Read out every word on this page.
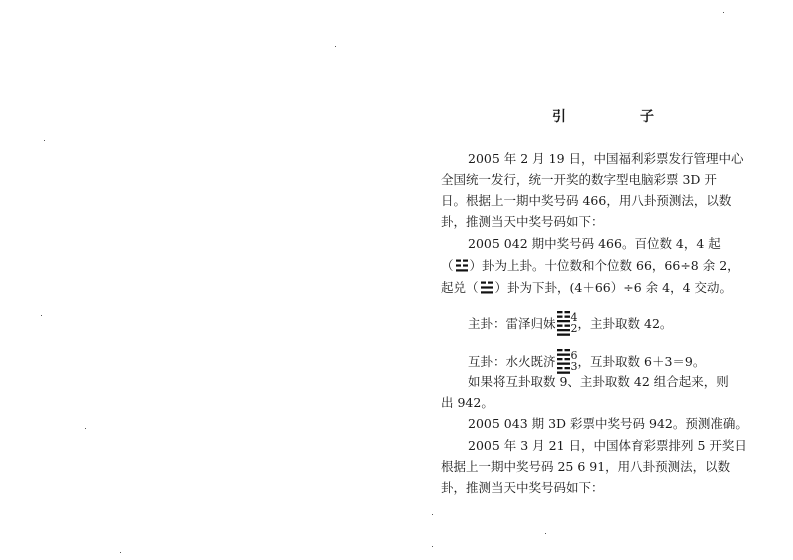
引　子
2005 年 2 月 19 日，中国福利彩票发行管理中心
全国统一发行，统一开奖的数字型电脑彩票 3D 开
日。根据上一期中奖号码 466，用八卦预测法，以数
卦，推测当天中奖号码如下：
2005 042 期中奖号码 466。百位数 4，4 起
（ ）卦为上卦。十位数和个位数 66，66÷8 余 2，
起兑（ ）卦为下卦，(4＋66）÷6 余 4，4 交动。
主卦：雷泽归妹 4
2 ，主卦取数 42。
互卦：水火既济 6
3 ，互卦取数 6＋3＝9。
如果将互卦取数 9、主卦取数 42 组合起来，则
出 942。
2005 043 期 3D 彩票中奖号码 942。预测准确。
2005 年 3 月 21 日，中国体育彩票排列 5 开奖日
根据上一期中奖号码 25 6 91，用八卦预测法，以数
卦，推测当天中奖号码如下：
